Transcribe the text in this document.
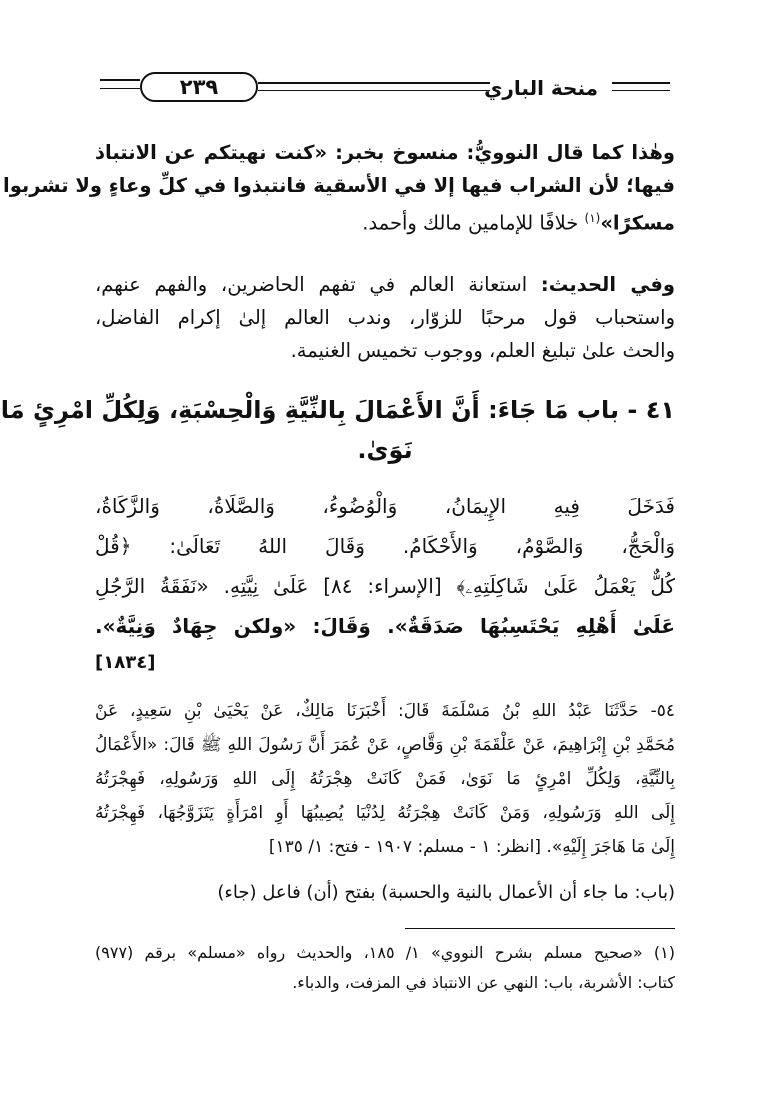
٢٣٩	منحة الباري
وهٰذا كما قال النوويُّ: منسوخ بخبر: «كنت نهيتكم عن الانتباذ
فيها؛ لأن الشراب فيها إلا في الأسقية فانتبذوا في كلِّ وعاءٍ ولا تشربوا
مسكرًا»$^{(١)}$ خلافًا للإمامين مالك وأحمد.
وفي الحديث: استعانة العالم في تفهم الحاضرين، والفهم عنهم،
واستحباب قول مرحبًا للزوّار، وندب العالم إلىٰ إكرام الفاضل،
والحث علىٰ تبليغ العلم، ووجوب تخميس الغنيمة.
٤١ - باب مَا جَاءَ: أَنَّ الأَعْمَالَ بِالنِّيَّةِ وَالْحِسْبَةِ، وَلِكُلِّ امْرِئٍ مَا
نَوَىٰ.
فَدَخَلَ فِيهِ الإِيمَانُ، وَالْوُضُوءُ، وَالصَّلَاةُ، وَالزَّكَاةُ،
وَالْحَجُّ، وَالصَّوْمُ، وَالأَحْكَامُ. وَقَالَ اللهُ تَعَالَىٰ: ﴿قُلْ
كُلٌّ يَعْمَلُ عَلَىٰ شَاكِلَتِهِۦ﴾ [الإسراء: ٨٤] عَلَىٰ نِيَّتِهِ. «نَفَقَةُ الرَّجُلِ
عَلَىٰ أَهْلِهِ يَحْتَسِبُهَا صَدَقَةٌ». وَقَالَ: «ولكن جِهَادٌ وَنِيَّةٌ».
[١٨٣٤]
٥٤- حَدَّثَنَا عَبْدُ اللهِ بْنُ مَسْلَمَةَ قَالَ: أَخْبَرَنَا مَالِكٌ، عَنْ يَحْيَىٰ بْنِ سَعِيدٍ، عَنْ
مُحَمَّدِ بْنِ إِبْرَاهِيمَ، عَنْ عَلْقَمَةَ بْنِ وَقَّاصٍ، عَنْ عُمَرَ أَنَّ رَسُولَ اللهِ ﷺ قَالَ: «الأَعْمَالُ
بِالنِّيَّةِ، وَلِكُلِّ امْرِئٍ مَا نَوَىٰ، فَمَنْ كَانَتْ هِجْرَتُهُ إِلَى اللهِ وَرَسُولِهِ، فَهِجْرَتُهُ
إِلَى اللهِ وَرَسُولِهِ، وَمَنْ كَانَتْ هِجْرَتُهُ لِدُنْيَا يُصِيبُهَا أَوِ امْرَأَةٍ يَتَزَوَّجُهَا، فَهِجْرَتُهُ
إِلَىٰ مَا هَاجَرَ إِلَيْهِ». [انظر: ١ - مسلم: ١٩٠٧ - فتح: ١/ ١٣٥]
(باب: ما جاء أن الأعمال بالنية والحسبة) بفتح (أن) فاعل (جاء)
(١) «صحيح مسلم بشرح النووي» ١/ ١٨٥، والحديث رواه «مسلم» برقم (٩٧٧)
كتاب: الأشربة، باب: النهي عن الانتباذ في المزفت، والدباء.
